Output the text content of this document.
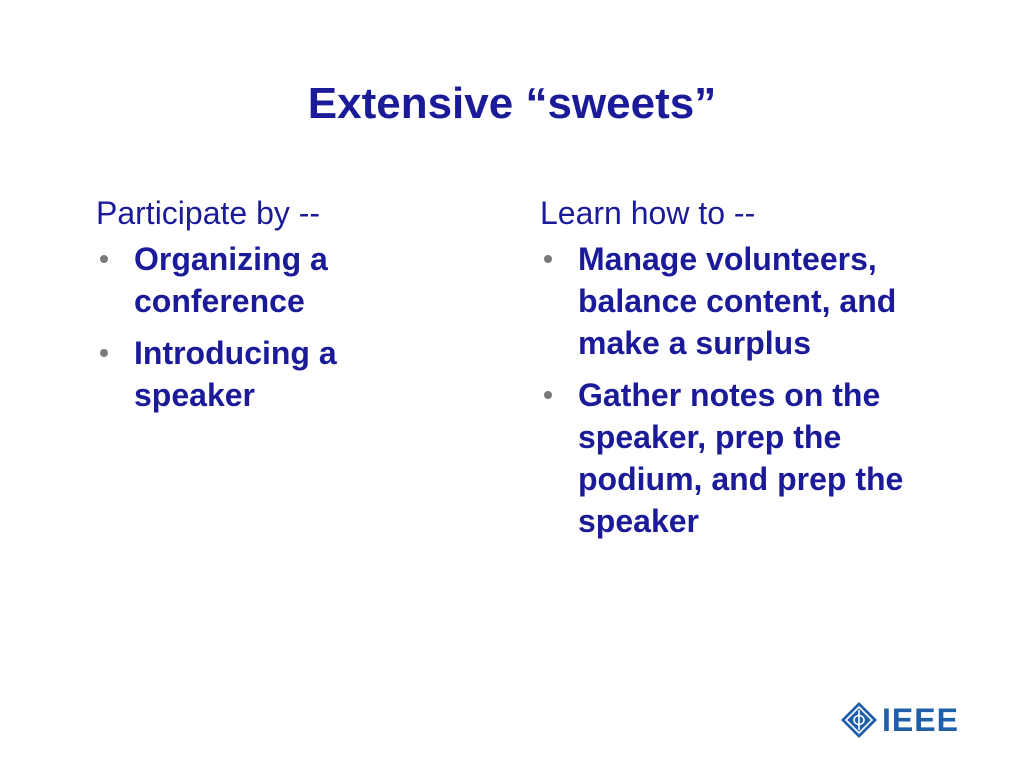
Extensive “sweets”
Participate by --
Organizing a conference
Introducing a speaker
Learn how to --
Manage volunteers, balance content, and make a surplus
Gather notes on the speaker, prep the podium, and prep the speaker
IEEE
